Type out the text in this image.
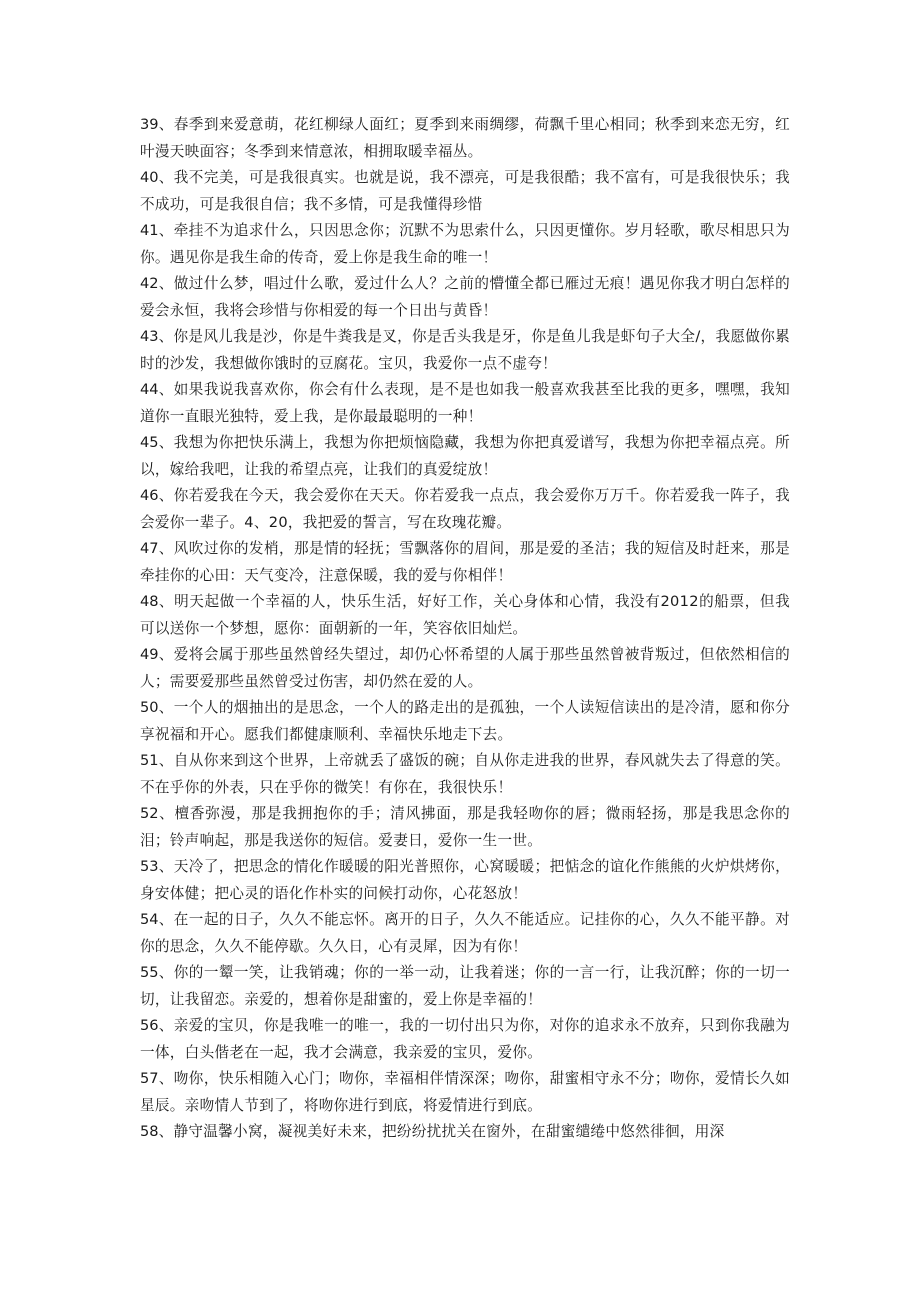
39、春季到来爱意萌，花红柳绿人面红；夏季到来雨绸缪，荷飘千里心相同；秋季到来恋无穷，红叶漫天映面容；冬季到来情意浓，相拥取暖幸福丛。

40、我不完美，可是我很真实。也就是说，我不漂亮，可是我很酷；我不富有，可是我很快乐；我不成功，可是我很自信；我不多情，可是我懂得珍惜

41、牵挂不为追求什么，只因思念你；沉默不为思索什么，只因更懂你。岁月轻歌，歌尽相思只为你。遇见你是我生命的传奇，爱上你是我生命的唯一！

42、做过什么梦，唱过什么歌，爱过什么人？之前的懵懂全都已雁过无痕！遇见你我才明白怎样的爱会永恒，我将会珍惜与你相爱的每一个日出与黄昏！

43、你是风儿我是沙，你是牛粪我是叉，你是舌头我是牙，你是鱼儿我是虾句子大全/，我愿做你累时的沙发，我想做你饿时的豆腐花。宝贝，我爱你一点不虚夸！

44、如果我说我喜欢你，你会有什么表现，是不是也如我一般喜欢我甚至比我的更多，嘿嘿，我知道你一直眼光独特，爱上我，是你最最聪明的一种！

45、我想为你把快乐满上，我想为你把烦恼隐藏，我想为你把真爱谱写，我想为你把幸福点亮。所以，嫁给我吧，让我的希望点亮，让我们的真爱绽放！

46、你若爱我在今天，我会爱你在天天。你若爱我一点点，我会爱你万万千。你若爱我一阵子，我会爱你一辈子。4、20，我把爱的誓言，写在玫瑰花瓣。

47、风吹过你的发梢，那是情的轻抚；雪飘落你的眉间，那是爱的圣洁；我的短信及时赶来，那是牵挂你的心田：天气变冷，注意保暖，我的爱与你相伴！

48、明天起做一个幸福的人，快乐生活，好好工作，关心身体和心情，我没有2012的船票，但我可以送你一个梦想，愿你：面朝新的一年，笑容依旧灿烂。

49、爱将会属于那些虽然曾经失望过，却仍心怀希望的人属于那些虽然曾被背叛过，但依然相信的人；需要爱那些虽然曾受过伤害，却仍然在爱的人。

50、一个人的烟抽出的是思念，一个人的路走出的是孤独，一个人读短信读出的是冷清，愿和你分享祝福和开心。愿我们都健康顺利、幸福快乐地走下去。

51、自从你来到这个世界，上帝就丢了盛饭的碗；自从你走进我的世界，春风就失去了得意的笑。不在乎你的外表，只在乎你的微笑！有你在，我很快乐！

52、檀香弥漫，那是我拥抱你的手；清风拂面，那是我轻吻你的唇；微雨轻扬，那是我思念你的泪；铃声响起，那是我送你的短信。爱妻日，爱你一生一世。

53、天冷了，把思念的情化作暖暖的阳光普照你，心窝暖暖；把惦念的谊化作熊熊的火炉烘烤你，身安体健；把心灵的语化作朴实的问候打动你，心花怒放！

54、在一起的日子，久久不能忘怀。离开的日子，久久不能适应。记挂你的心，久久不能平静。对你的思念，久久不能停歇。久久日，心有灵犀，因为有你！

55、你的一颦一笑，让我销魂；你的一举一动，让我着迷；你的一言一行，让我沉醉；你的一切一切，让我留恋。亲爱的，想着你是甜蜜的，爱上你是幸福的！

56、亲爱的宝贝，你是我唯一的唯一，我的一切付出只为你，对你的追求永不放弃，只到你我融为一体，白头偕老在一起，我才会满意，我亲爱的宝贝，爱你。

57、吻你，快乐相随入心门；吻你，幸福相伴情深深；吻你，甜蜜相守永不分；吻你，爱情长久如星辰。亲吻情人节到了，将吻你进行到底，将爱情进行到底。

58、静守温馨小窝，凝视美好未来，把纷纷扰扰关在窗外，在甜蜜缱绻中悠然徘徊，用深
